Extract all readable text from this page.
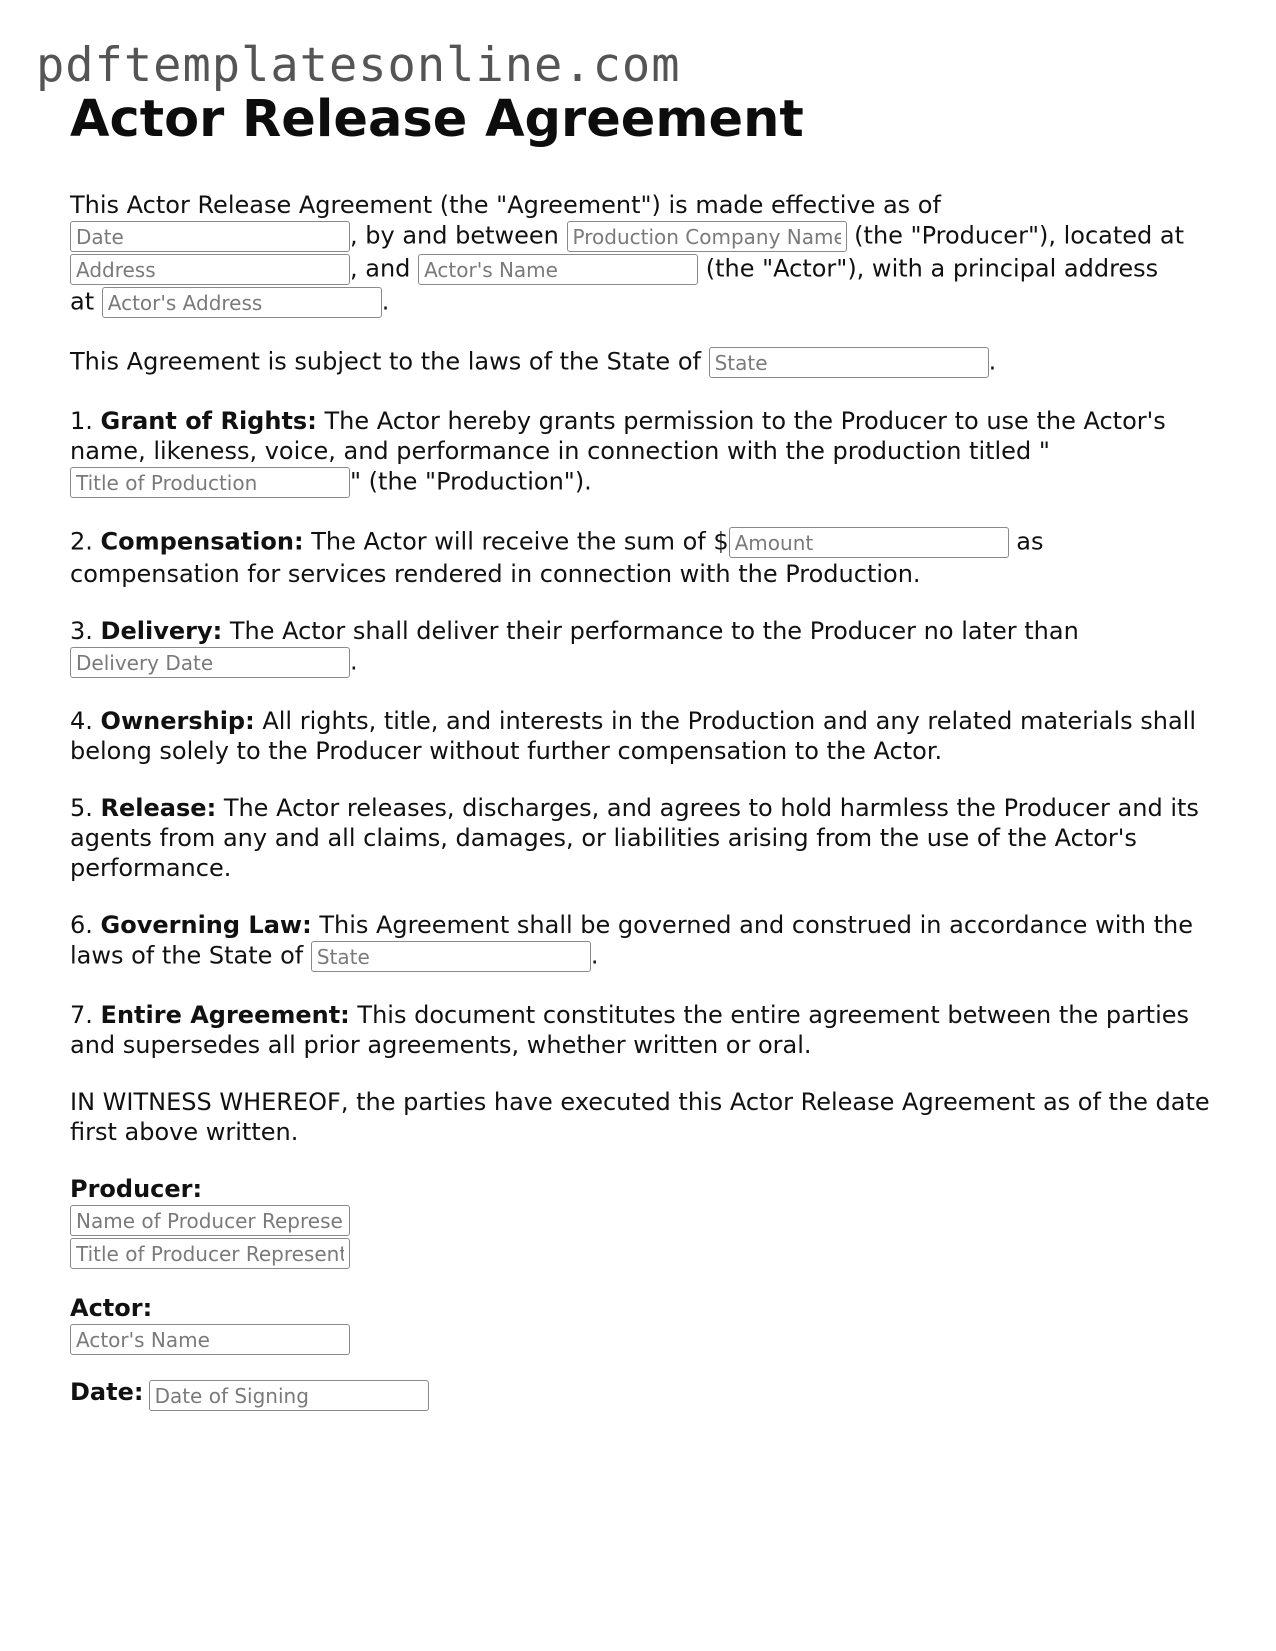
pdftemplatesonline.com
Actor Release Agreement

This Actor Release Agreement (the "Agreement") is made effective as of
Date, by and between Production Company Name	(the "Producer"), located at
Address, and Actor's Name	(the "Actor"), with a principal address
at Actor's Address	.

This Agreement is subject to the laws of the State of State	.

1. Grant of Rights: The Actor hereby grants permission to the Producer to use the Actor's name, likeness, voice, and performance in connection with the production titled "
Title of Production" (the "Production").

2. Compensation: The Actor will receive the sum of $Amount	as compensation for services rendered in connection with the Production.

3. Delivery: The Actor shall deliver their performance to the Producer no later than
Delivery Date.

4. Ownership: All rights, title, and interests in the Production and any related materials shall belong solely to the Producer without further compensation to the Actor.

5. Release: The Actor releases, discharges, and agrees to hold harmless the Producer and its agents from any and all claims, damages, or liabilities arising from the use of the Actor's performance.

6. Governing Law: This Agreement shall be governed and construed in accordance with the laws of the State of State	.

7. Entire Agreement: This document constitutes the entire agreement between the parties and supersedes all prior agreements, whether written or oral.

IN WITNESS WHEREOF, the parties have executed this Actor Release Agreement as of the date first above written.

Producer:
Name of Producer Representative
Title of Producer Representative
Actor:
Actor's Name
Date: Date of Signing
